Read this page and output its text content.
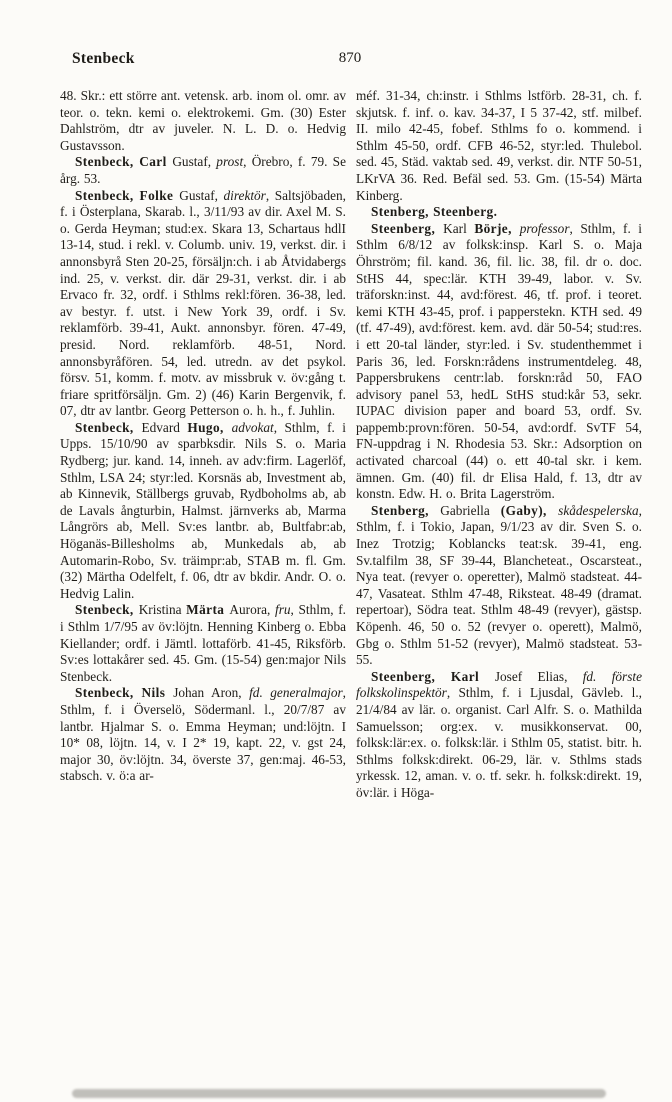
870
Stenbeck

48. Skr.: ett större ant. vetensk. arb. inom ol. omr. av teor. o. tekn. kemi o. elektrokemi. Gm. (30) Ester Dahlström, dtr av juveler. N. L. D. o. Hedvig Gustavsson.

Stenbeck, Carl Gustaf, prost, Örebro, f. 79. Se årg. 53.

Stenbeck, Folke Gustaf, direktör, Saltsjöbaden, f. i Österplana, Skarab. l., 3/11/93 av dir. Axel M. S. o. Gerda Heyman; stud:ex. Skara 13, Schartaus hdlI 13-14, stud. i rekl. v. Columb. univ. 19, verkst. dir. i annonsbyrå Sten 20-25, försäljn:ch. i ab Åtvidabergs ind. 25, v. verkst. dir. där 29-31, verkst. dir. i ab Ervaco fr. 32, ordf. i Sthlms rekl:fören. 36-38, led. av bestyr. f. utst. i New York 39, ordf. i Sv. reklamförb. 39-41, Aukt. annonsbyr. fören. 47-49, presid. Nord. reklamförb. 48-51, Nord. annonsbyråfören. 54, led. utredn. av det psykol. försv. 51, komm. f. motv. av missbruk v. öv:gång t. friare spritförsäljn. Gm. 2) (46) Karin Bergenvik, f. 07, dtr av lantbr. Georg Petterson o. h. h., f. Juhlin.

Stenbeck, Edvard Hugo, advokat, Sthlm, f. i Upps. 15/10/90 av sparbksdir. Nils S. o. Maria Rydberg; jur. kand. 14, inneh. av adv:firm. Lagerlöf, Sthlm, LSA 24; styr:led. Korsnäs ab, Investment ab, ab Kinnevik, Ställbergs gruvab, Rydboholms ab, ab de Lavals ångturbin, Halmst. järnverks ab, Marma Långrörs ab, Mell. Sv:es lantbr. ab, Bultfabr:ab, Höganäs-Billesholms ab, Munkedals ab, ab Automarin-Robo, Sv. träimpr:ab, STAB m. fl. Gm. (32) Märtha Odelfelt, f. 06, dtr av bkdir. Andr. O. o. Hedvig Lalin.

Stenbeck, Kristina Märta Aurora, fru, Sthlm, f. i Sthlm 1/7/95 av öv:löjtn. Henning Kinberg o. Ebba Kiellander; ordf. i Jämtl. lottaförb. 41-45, Riksförb. Sv:es lottakårer sed. 45. Gm. (15-54) gen:major Nils Stenbeck.

Stenbeck, Nils Johan Aron, fd. generalmajor, Sthlm, f. i Överselö, Södermanl. l., 20/7/87 av lantbr. Hjalmar S. o. Emma Heyman; und:löjtn. I 10* 08, löjtn. 14, v. I 2* 19, kapt. 22, v. gst 24, major 30, öv:löjtn. 34, överste 37, gen:maj. 46-53, stabsch. v. ö:a ar-

méf. 31-34, ch:instr. i Sthlms lstförb. 28-31, ch. f. skjutsk. f. inf. o. kav. 34-37, I 5 37-42, stf. milbef. II. milo 42-45, fobef. Sthlms fo o. kommend. i Sthlm 45-50, ordf. CFB 46-52, styr:led. Thulebol. sed. 45, Städ. vaktab sed. 49, verkst. dir. NTF 50-51, LKrVA 36. Red. Befäl sed. 53. Gm. (15-54) Märta Kinberg.

Stenberg, Steenberg.

Steenberg, Karl Börje, professor, Sthlm, f. i Sthlm 6/8/12 av folksk:insp. Karl S. o. Maja Öhrström; fil. kand. 36, fil. lic. 38, fil. dr o. doc. StHS 44, spec:lär. KTH 39-49, labor. v. Sv. träforskn:inst. 44, avd:förest. 46, tf. prof. i teoret. kemi KTH 43-45, prof. i papperstekn. KTH sed. 49 (tf. 47-49), avd:förest. kem. avd. där 50-54; stud:res. i ett 20-tal länder, styr:led. i Sv. studenthemmet i Paris 36, led. Forskn:rådens instrumentdeleg. 48, Pappersbrukens centr:lab. forskn:råd 50, FAO advisory panel 53, hedL StHS stud:kår 53, sekr. IUPAC division paper and board 53, ordf. Sv. pappemb:provn:fören. 50-54, avd:ordf. SvTF 54, FN-uppdrag i N. Rhodesia 53. Skr.: Adsorption on activated charcoal (44) o. ett 40-tal skr. i kem. ämnen. Gm. (40) fil. dr Elisa Hald, f. 13, dtr av konstn. Edw. H. o. Brita Lagerström.

Stenberg, Gabriella (Gaby), skådespelerska, Sthlm, f. i Tokio, Japan, 9/1/23 av dir. Sven S. o. Inez Trotzig; Koblancks teat:sk. 39-41, eng. Sv.talfilm 38, SF 39-44, Blancheteat., Oscarsteat., Nya teat. (revyer o. operetter), Malmö stadsteat. 44-47, Vasateat. Sthlm 47-48, Riksteat. 48-49 (dramat. repertoar), Södra teat. Sthlm 48-49 (revyer), gästsp. Köpenh. 46, 50 o. 52 (revyer o. operett), Malmö, Gbg o. Sthlm 51-52 (revyer), Malmö stadsteat. 53-55.

Steenberg, Karl Josef Elias, fd. förste folkskolinspektör, Sthlm, f. i Ljusdal, Gävleb. l., 21/4/84 av lär. o. organist. Carl Alfr. S. o. Mathilda Samuelsson; org:ex. v. musikkonservat. 00, folksk:lär:ex. o. folksk:lär. i Sthlm 05, statist. bitr. h. Sthlms folksk:direkt. 06-29, lär. v. Sthlms stads yrkessk. 12, aman. v. o. tf. sekr. h. folksk:direkt. 19, öv:lär. i Höga-
